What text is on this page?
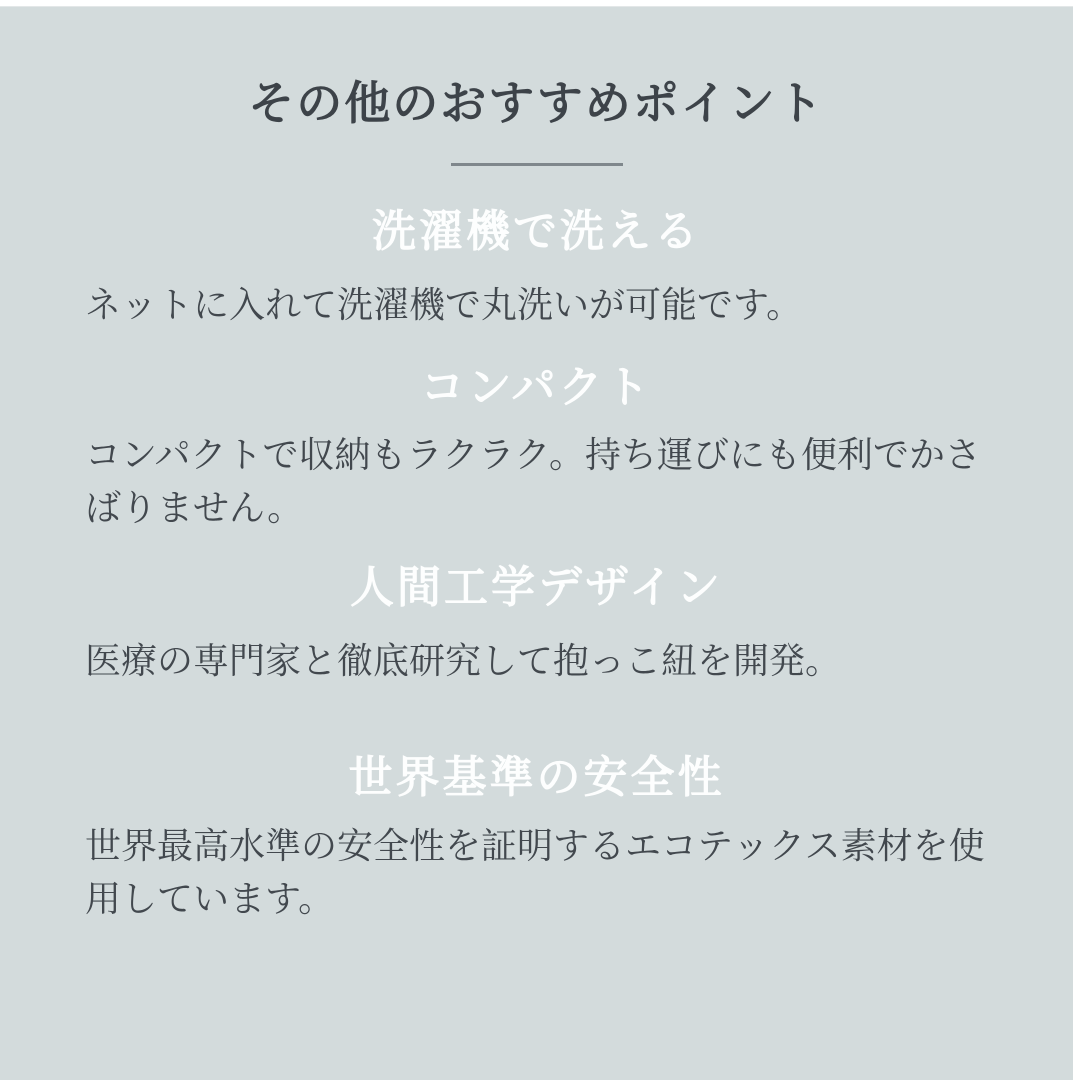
その他のおすすめポイント
洗濯機で洗える

ネットに入れて洗濯機で丸洗いが可能です。

コンパクト

コンパクトで収納もラクラク。持ち運びにも便利でかさばりません。

人間工学デザイン

医療の専門家と徹底研究して抱っこ紐を開発。

世界基準の安全性

世界最高水準の安全性を証明するエコテックス素材を使用しています。
